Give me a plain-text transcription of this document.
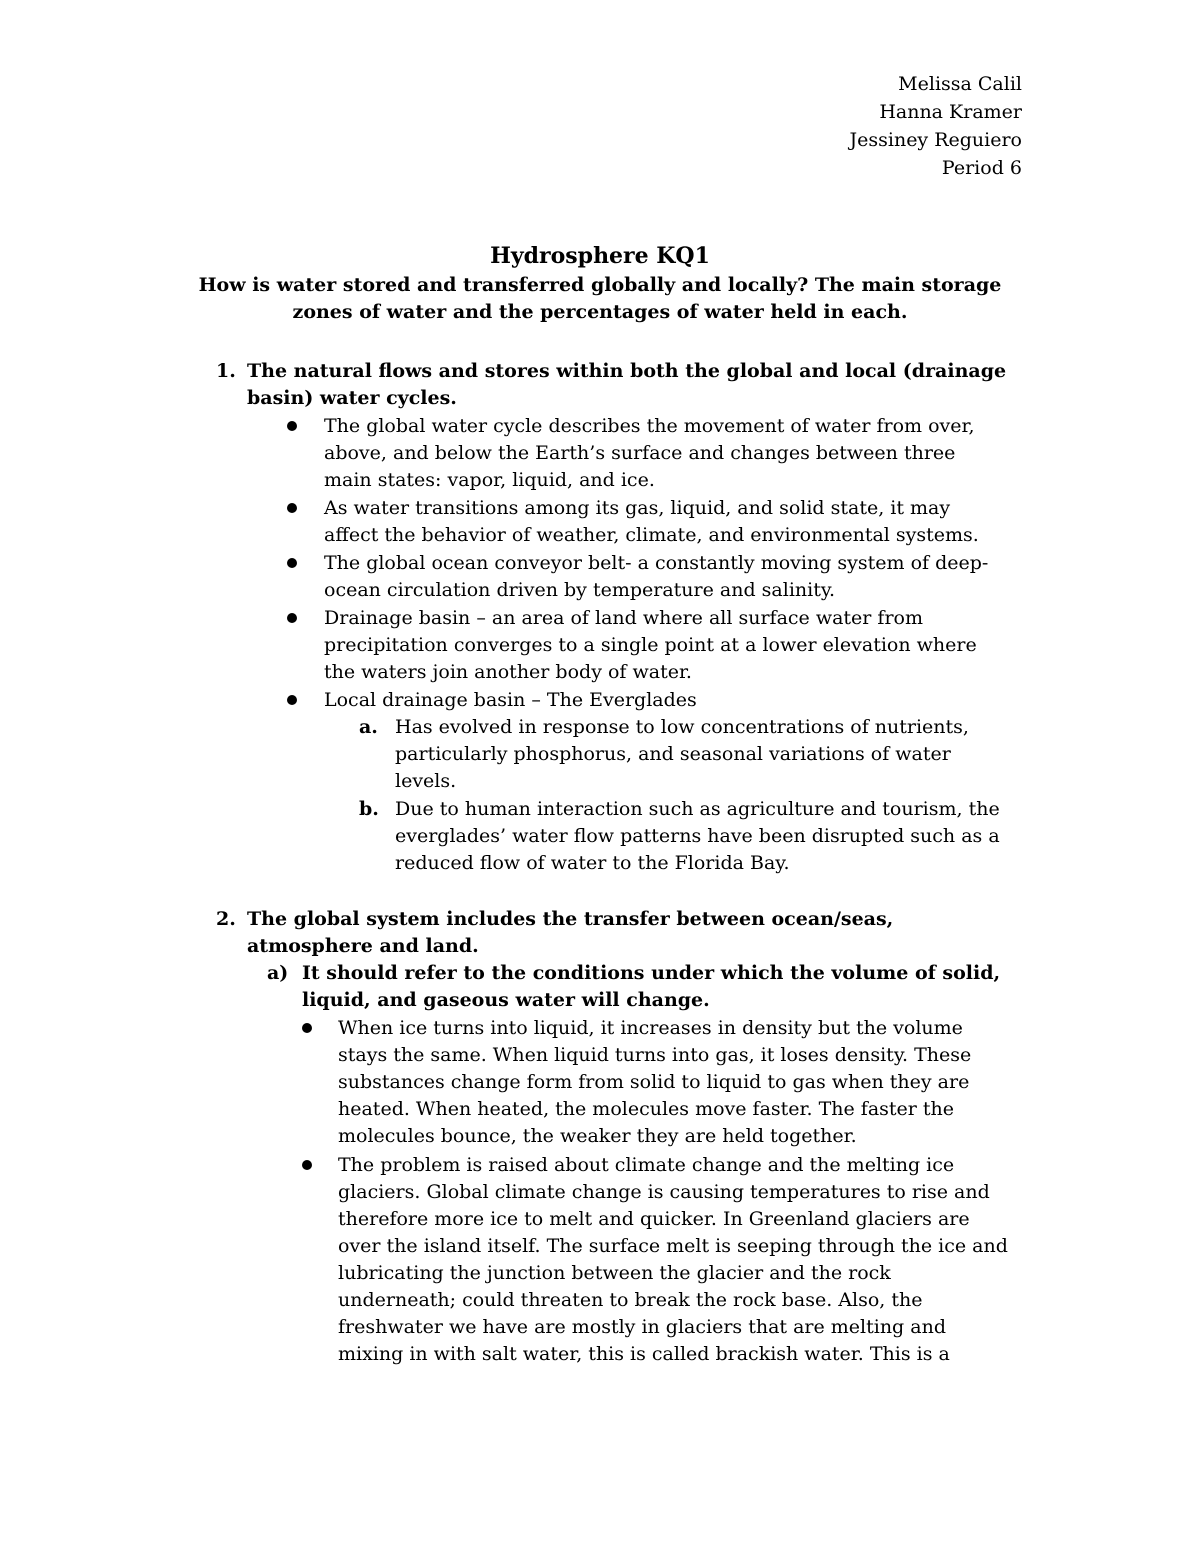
Melissa Calil
Hanna Kramer
Jessiney Reguiero
Period 6

Hydrosphere KQ1

How is water stored and transferred globally and locally? The main storage

zones of water and the percentages of water held in each.

1. The natural flows and stores within both the global and local (drainage
basin) water cycles.
The global water cycle describes the movement of water from over,
above, and below the Earth’s surface and changes between three
main states: vapor, liquid, and ice.
As water transitions among its gas, liquid, and solid state, it may
affect the behavior of weather, climate, and environmental systems.
The global ocean conveyor belt- a constantly moving system of deep-
ocean circulation driven by temperature and salinity.
Drainage basin – an area of land where all surface water from
precipitation converges to a single point at a lower elevation where
the waters join another body of water.
Local drainage basin – The Everglades
a. Has evolved in response to low concentrations of nutrients,
particularly phosphorus, and seasonal variations of water
levels.
b. Due to human interaction such as agriculture and tourism, the
everglades’ water flow patterns have been disrupted such as a
reduced flow of water to the Florida Bay.
2. The global system includes the transfer between ocean/seas,
atmosphere and land.
a) It should refer to the conditions under which the volume of solid,
liquid, and gaseous water will change.
When ice turns into liquid, it increases in density but the volume
stays the same. When liquid turns into gas, it loses density. These
substances change form from solid to liquid to gas when they are
heated. When heated, the molecules move faster. The faster the
molecules bounce, the weaker they are held together.
The problem is raised about climate change and the melting ice
glaciers. Global climate change is causing temperatures to rise and
therefore more ice to melt and quicker. In Greenland glaciers are
over the island itself. The surface melt is seeping through the ice and
lubricating the junction between the glacier and the rock
underneath; could threaten to break the rock base. Also, the
freshwater we have are mostly in glaciers that are melting and
mixing in with salt water, this is called brackish water. This is a
